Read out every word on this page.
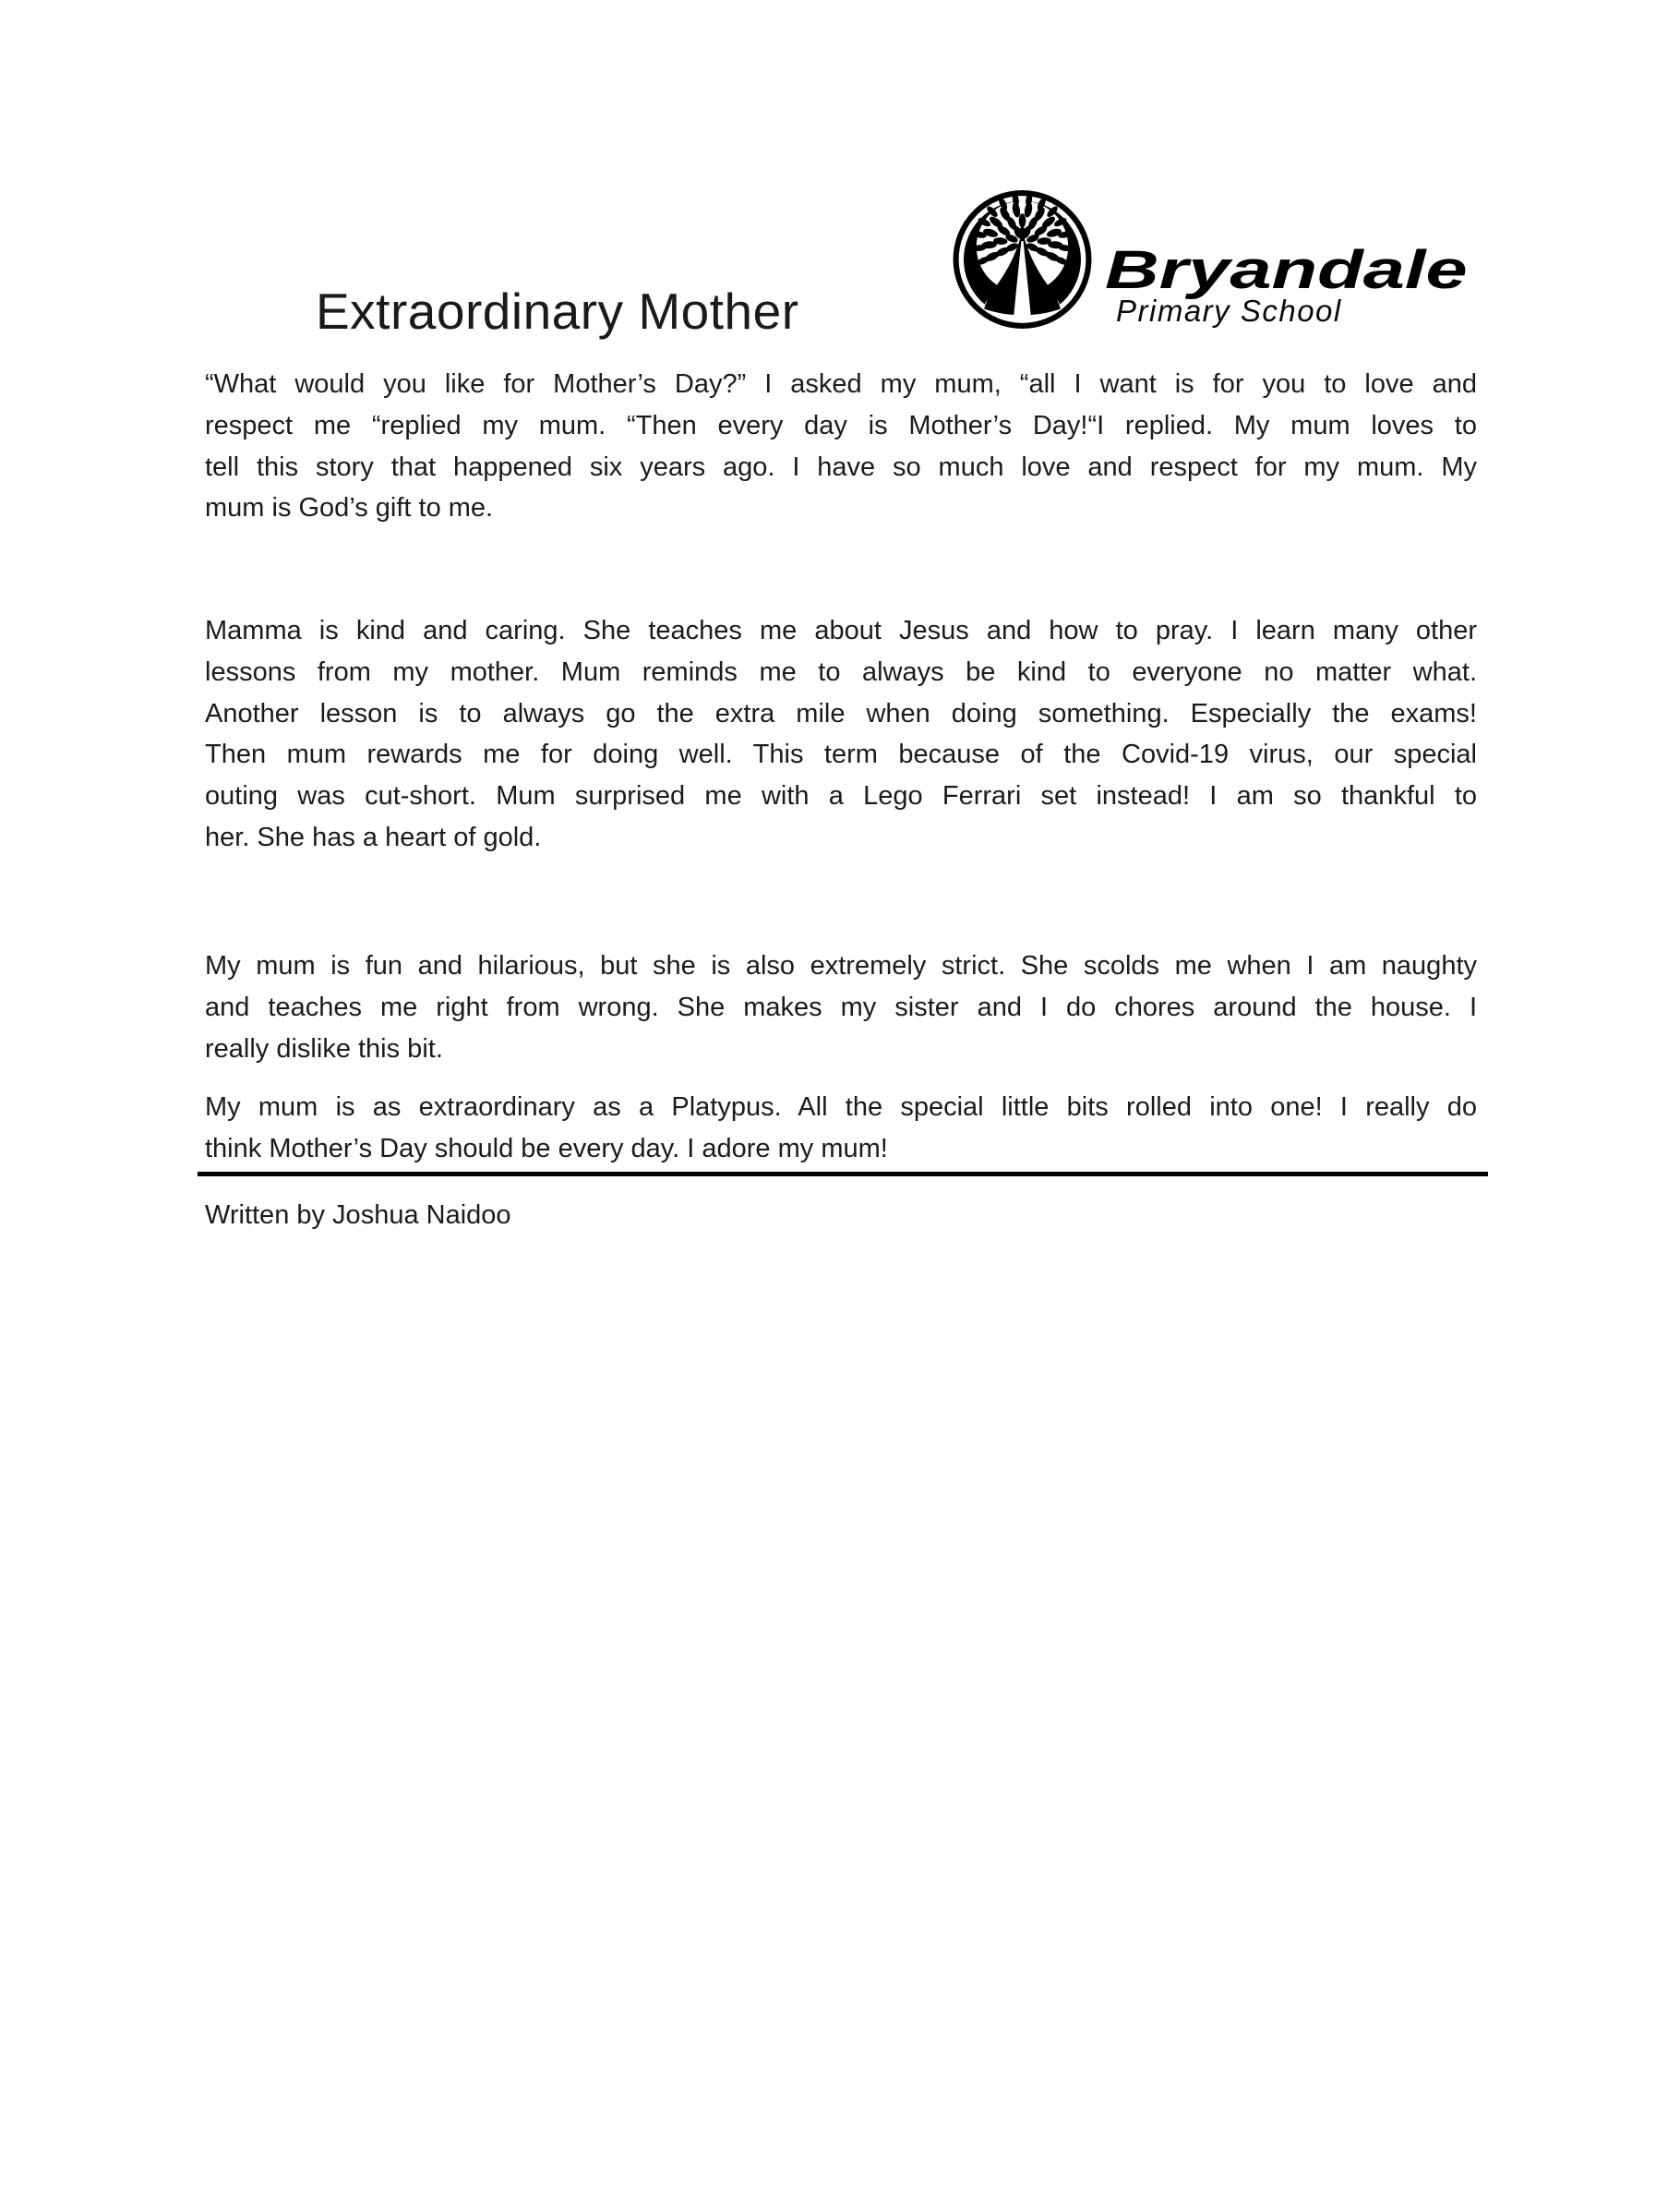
Extraordinary Mother
Bryandale
Primary School
“What would you like for Mother’s Day?” I asked my mum, “all I want is for you to love and
respect me “replied my mum. “Then every day is Mother’s Day!“I replied. My mum loves to
tell this story that happened six years ago. I have so much love and respect for my mum. My
mum is God’s gift to me.
Mamma is kind and caring. She teaches me about Jesus and how to pray. I learn many other
lessons from my mother. Mum reminds me to always be kind to everyone no matter what.
Another lesson is to always go the extra mile when doing something. Especially the exams!
Then mum rewards me for doing well. This term because of the Covid-19 virus, our special
outing was cut-short. Mum surprised me with a Lego Ferrari set instead! I am so thankful to
her. She has a heart of gold.
My mum is fun and hilarious, but she is also extremely strict. She scolds me when I am naughty
and teaches me right from wrong. She makes my sister and I do chores around the house. I
really dislike this bit.
My mum is as extraordinary as a Platypus. All the special little bits rolled into one! I really do
think Mother’s Day should be every day. I adore my mum!
Written by Joshua Naidoo
